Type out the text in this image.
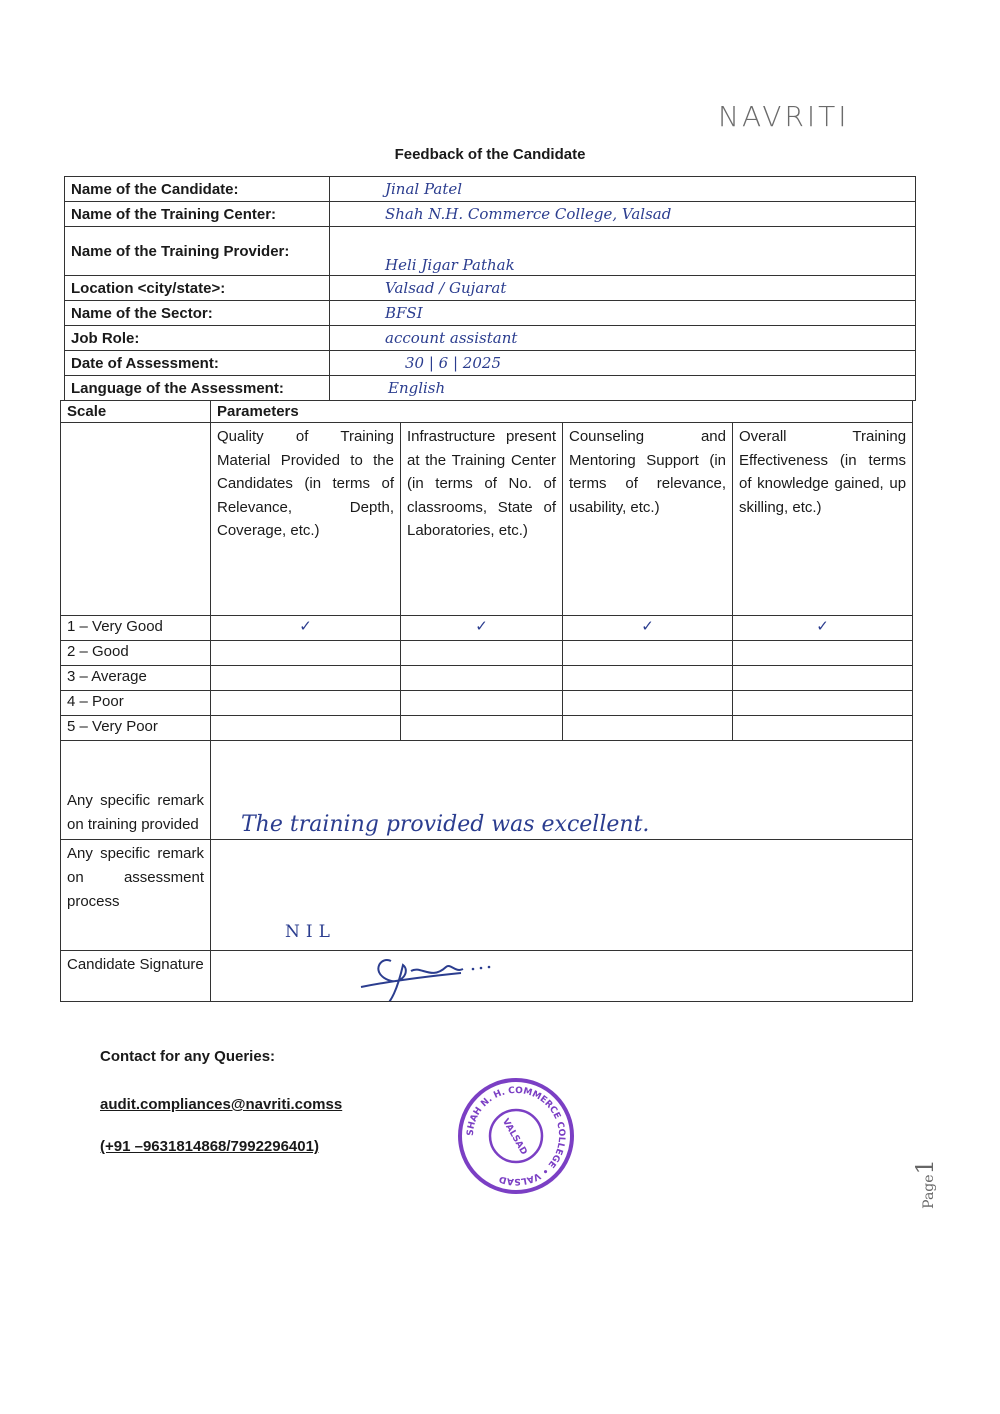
NAVRITI
Feedback of the Candidate
Name of the Candidate:	Jinal Patel
Name of the Training Center:	Shah N.H. Commerce College, Valsad
Name of the Training Provider:	Heli Jigar Pathak
Location <city/state>:	Valsad / Gujarat
Name of the Sector:	BFSI
Job Role:	account assistant
Date of Assessment:	30 | 6 | 2025
Language of the Assessment:	English
Scale	Parameters			
	Quality of Training Material Provided to the Candidates (in terms of Relevance, Depth, Coverage, etc.)	Infrastructure present at the Training Center (in terms of No. of classrooms, State of Laboratories, etc.)	Counseling and Mentoring Support (in terms of relevance, usability, etc.)	Overall Training Effectiveness (in terms of knowledge gained, up skilling, etc.)
1 – Very Good	✓	✓	✓	✓
2 – Good				
3 – Average				
4 – Poor				
5 – Very Poor				
Any specific remark on training provided	The training provided was excellent.			
Any specific remark on assessment process	NIL			
Candidate Signature	
Contact for any Queries:
audit.compliances@navriti.comss
(+91 –9631814868/7992296401)	VALSAD
SHAH N. H. COMMERCE COLLEGE • VALSAD	Page1
